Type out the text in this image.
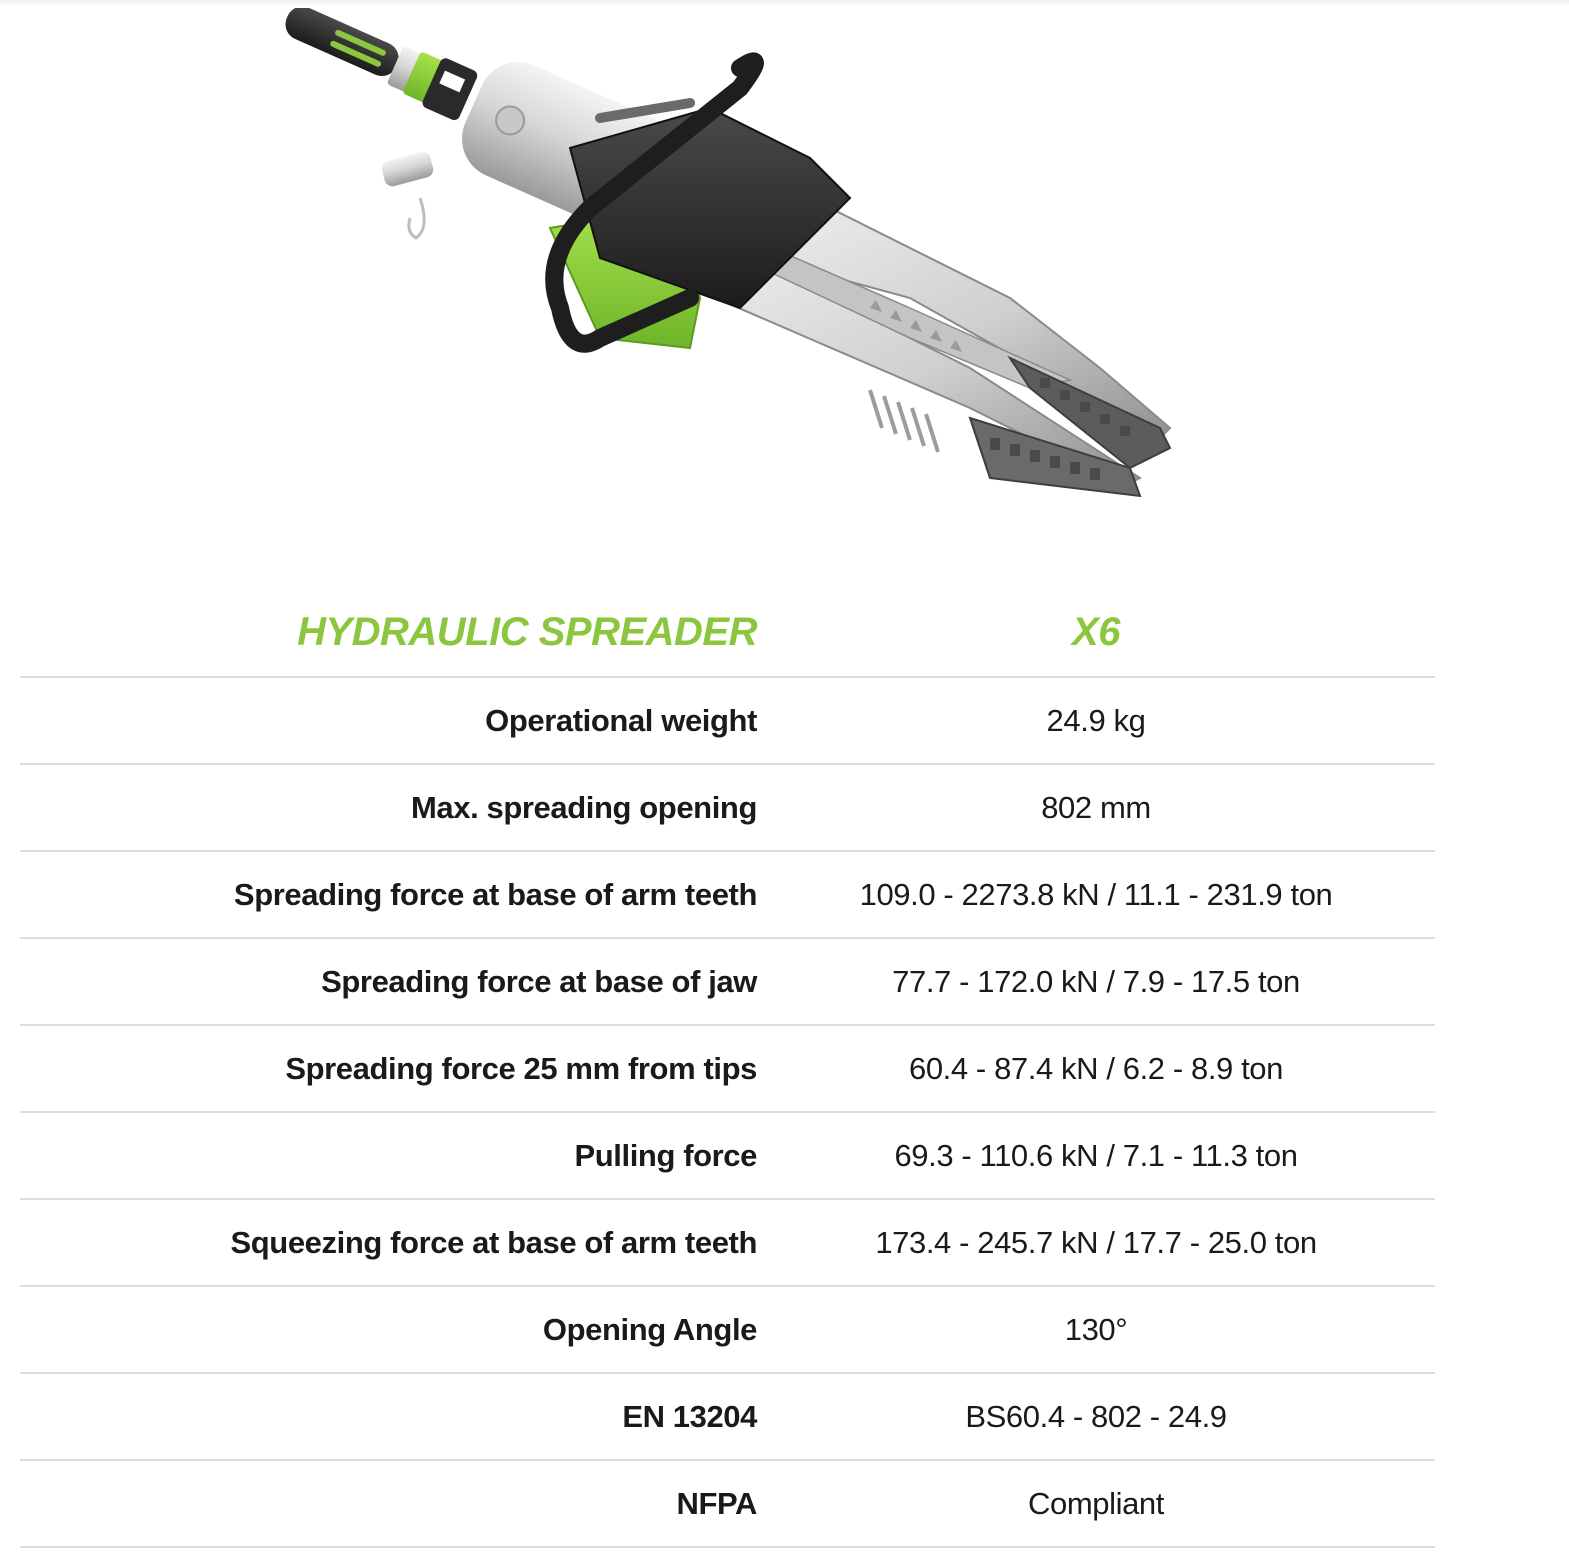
HYDRAULIC SPREADER	X6
Operational weight	24.9 kg
Max. spreading opening	802 mm
Spreading force at base of arm teeth	109.0 - 2273.8 kN / 11.1 - 231.9 ton
Spreading force at base of jaw	77.7 - 172.0 kN / 7.9 - 17.5 ton
Spreading force 25 mm from tips	60.4 - 87.4 kN / 6.2 - 8.9 ton
Pulling force	69.3 - 110.6 kN / 7.1 - 11.3 ton
Squeezing force at base of arm teeth	173.4 - 245.7 kN / 17.7 - 25.0 ton
Opening Angle	130°
EN 13204	BS60.4 - 802 - 24.9
NFPA	Compliant
